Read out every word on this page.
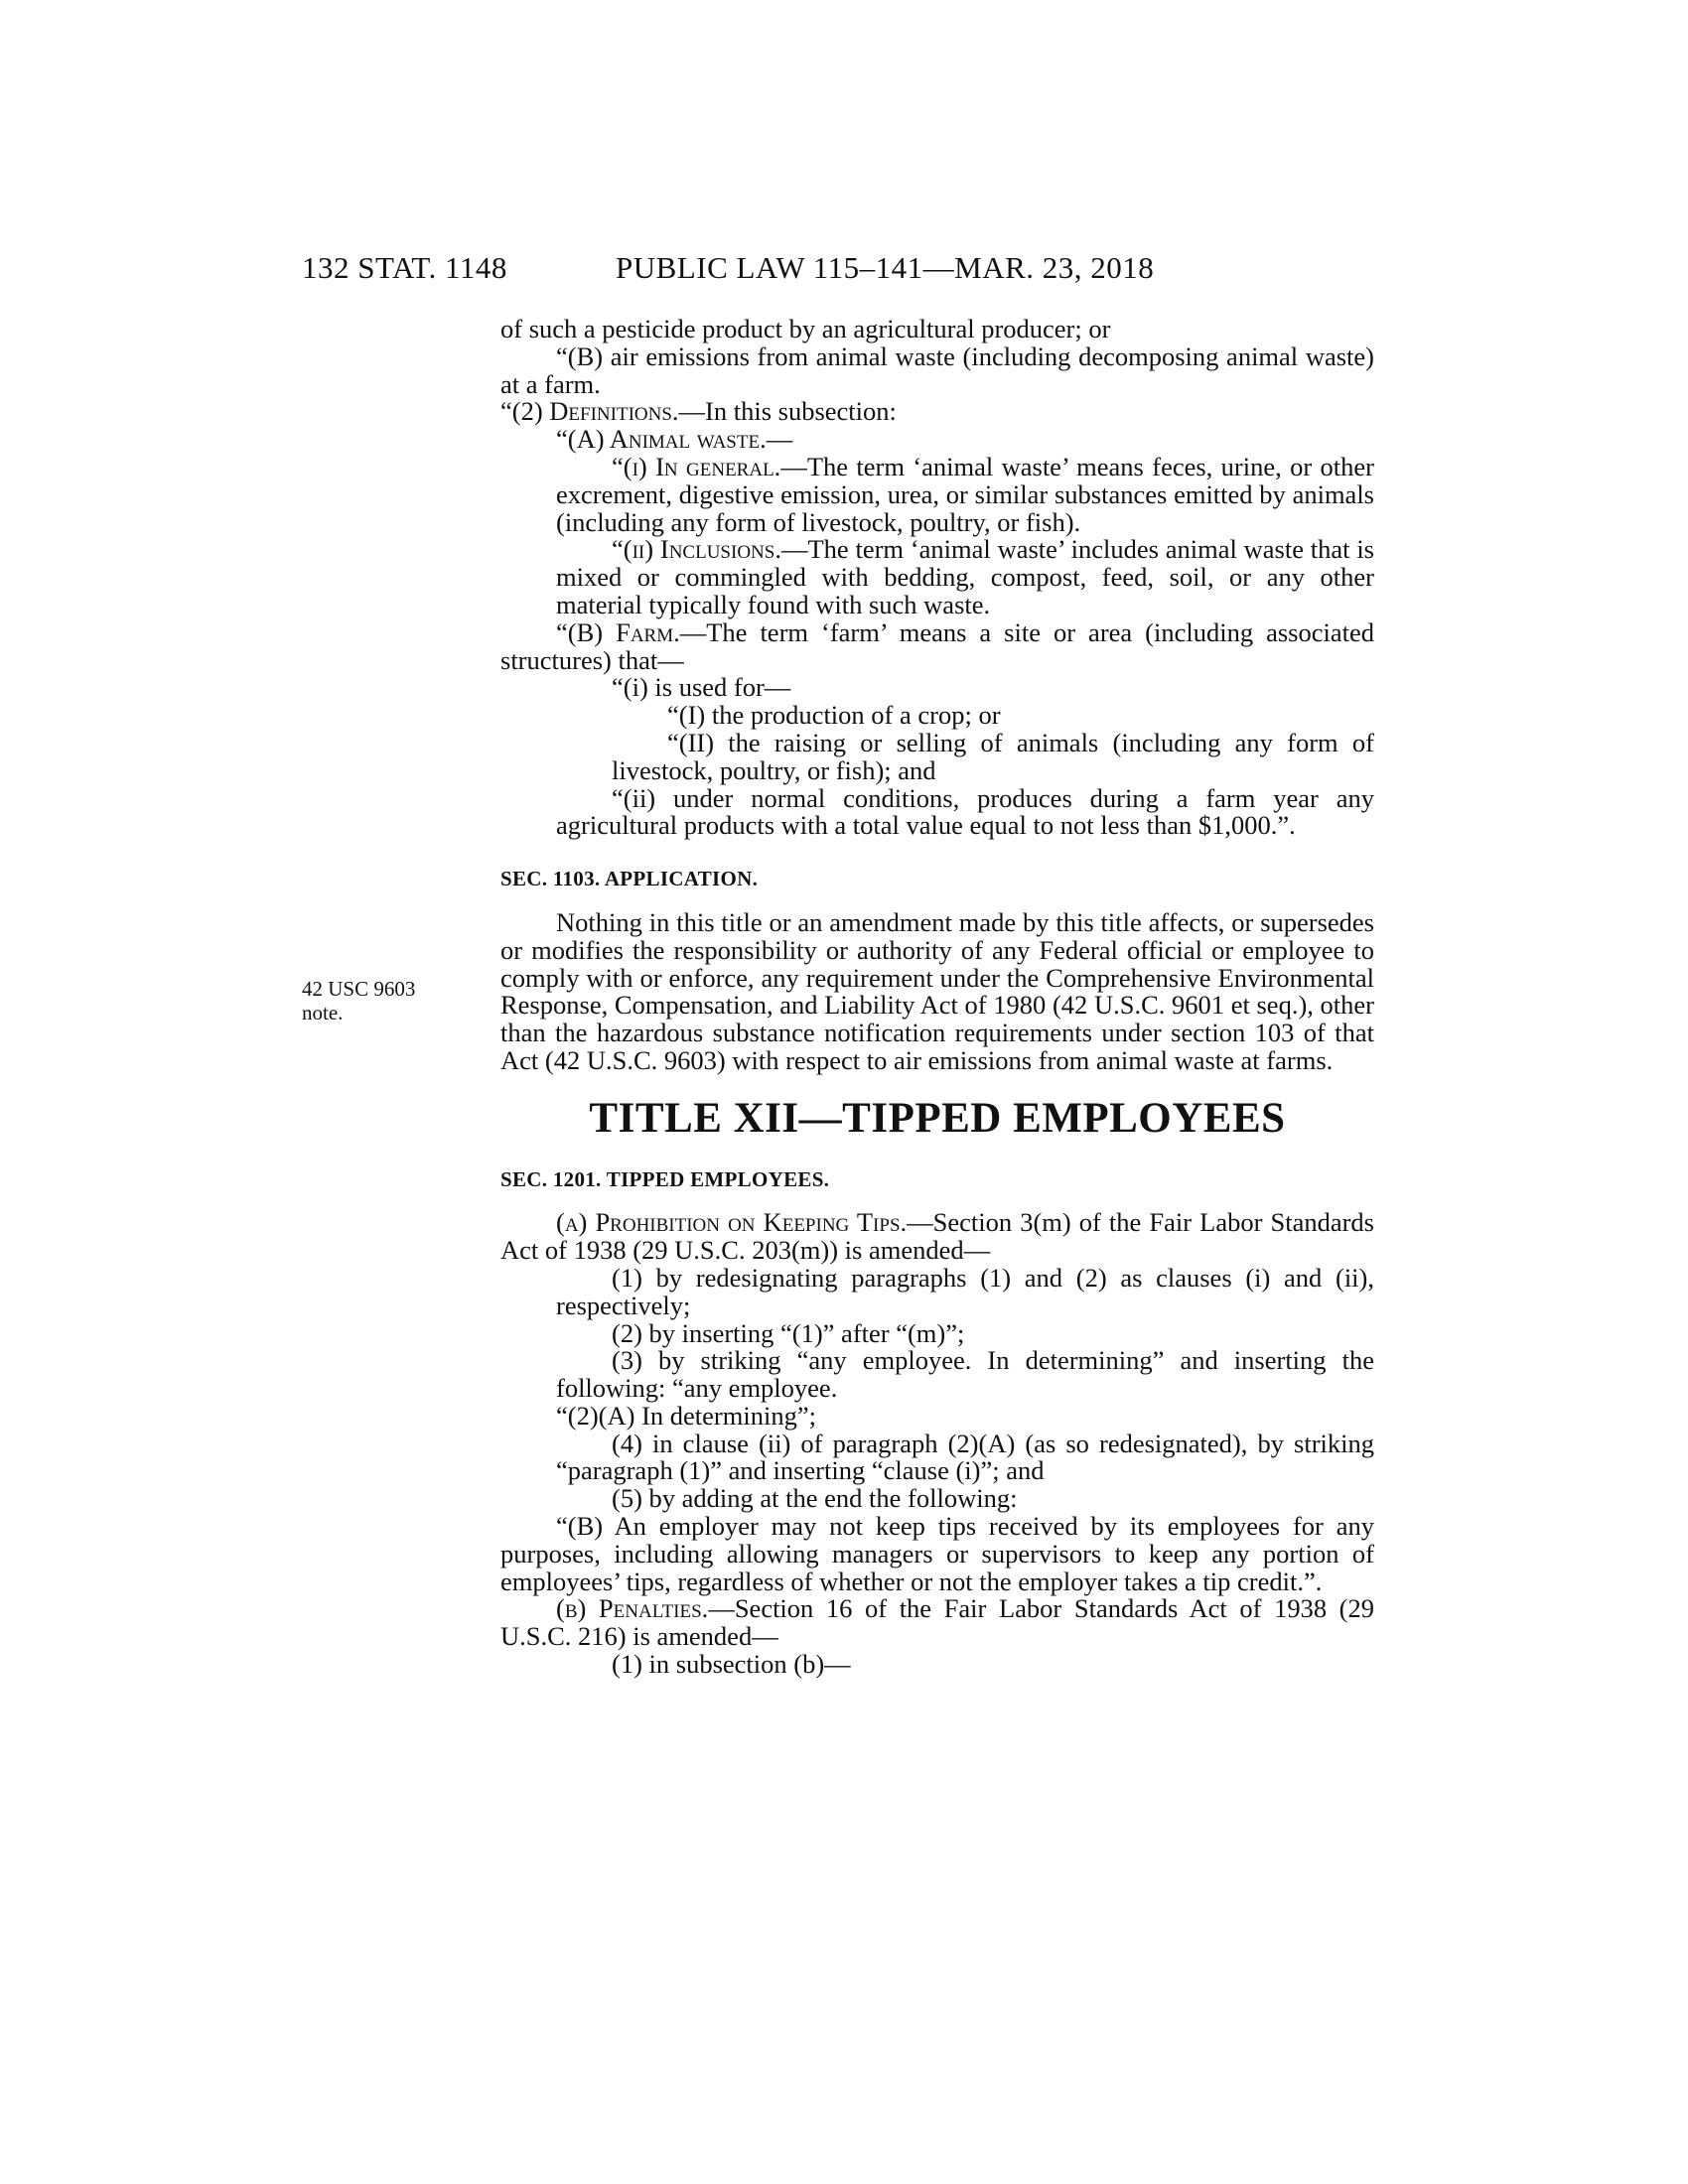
132 STAT. 1148	PUBLIC LAW 115–141—MAR. 23, 2018
42 USC 9603
note.

of such a pesticide product by an agricultural producer; or

“(B) air emissions from animal waste (including decomposing animal waste) at a farm.

“(2) Definitions.—In this subsection:

“(A) Animal waste.—

“(i) In general.—The term ‘animal waste’ means feces, urine, or other excrement, digestive emission, urea, or similar substances emitted by animals (including any form of livestock, poultry, or fish).

“(ii) Inclusions.—The term ‘animal waste’ includes animal waste that is mixed or commingled with bedding, compost, feed, soil, or any other material typically found with such waste.

“(B) Farm.—The term ‘farm’ means a site or area (including associated structures) that—

“(i) is used for—

“(I) the production of a crop; or

“(II) the raising or selling of animals (including any form of livestock, poultry, or fish); and

“(ii) under normal conditions, produces during a farm year any agricultural products with a total value equal to not less than $1,000.”.

SEC. 1103. APPLICATION.

Nothing in this title or an amendment made by this title affects, or supersedes or modifies the responsibility or authority of any Federal official or employee to comply with or enforce, any requirement under the Comprehensive Environmental Response, Compensation, and Liability Act of 1980 (42 U.S.C. 9601 et seq.), other than the hazardous substance notification requirements under section 103 of that Act (42 U.S.C. 9603) with respect to air emissions from animal waste at farms.

TITLE XII—TIPPED EMPLOYEES

SEC. 1201. TIPPED EMPLOYEES.

(a) Prohibition on Keeping Tips.—Section 3(m) of the Fair Labor Standards Act of 1938 (29 U.S.C. 203(m)) is amended—

(1) by redesignating paragraphs (1) and (2) as clauses (i) and (ii), respectively;

(2) by inserting “(1)” after “(m)”;

(3) by striking “any employee. In determining” and inserting the following: “any employee.

“(2)(A) In determining”;

(4) in clause (ii) of paragraph (2)(A) (as so redesignated), by striking “paragraph (1)” and inserting “clause (i)”; and

(5) by adding at the end the following:

“(B) An employer may not keep tips received by its employees for any purposes, including allowing managers or supervisors to keep any portion of employees’ tips, regardless of whether or not the employer takes a tip credit.”.

(b) Penalties.—Section 16 of the Fair Labor Standards Act of 1938 (29 U.S.C. 216) is amended—

(1) in subsection (b)—
